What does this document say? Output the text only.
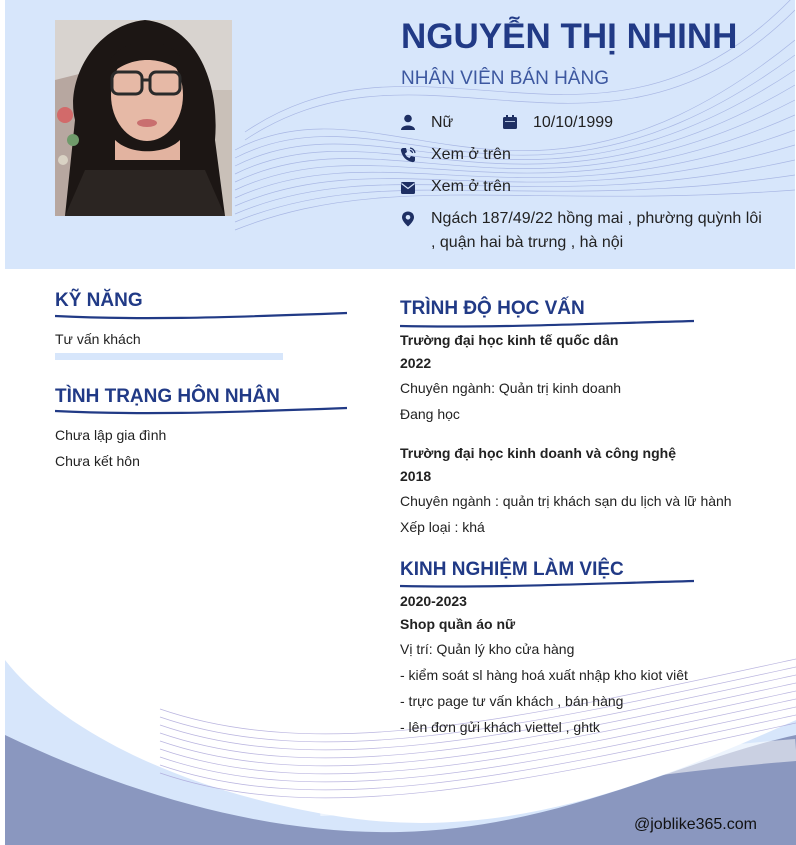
NGUYỄN THỊ NHINH
NHÂN VIÊN BÁN HÀNG
Nữ	10/10/1999
Xem ở trên
Xem ở trên
Ngách 187/49/22 hồng mai , phường quỳnh lôi
, quận hai bà trưng , hà nội
KỸ NĂNG
Tư vấn khách
TÌNH TRẠNG HÔN NHÂN
Chưa lập gia đình
Chưa kết hôn
TRÌNH ĐỘ HỌC VẤN
Trường đại học kinh tế quốc dân
2022
Chuyên ngành: Quản trị kinh doanh
Đang học
Trường đại học kinh doanh và công nghệ
2018
Chuyên ngành : quản trị khách sạn du lịch và lữ hành
Xếp loại : khá
KINH NGHIỆM LÀM VIỆC
2020-2023
Shop quần áo nữ
Vị trí: Quản lý kho cửa hàng
- kiểm soát sl hàng hoá xuất nhập kho kiot viêt
- trực page tư vấn khách , bán hàng
- lên đơn gửi khách viettel , ghtk
@joblike365.com
